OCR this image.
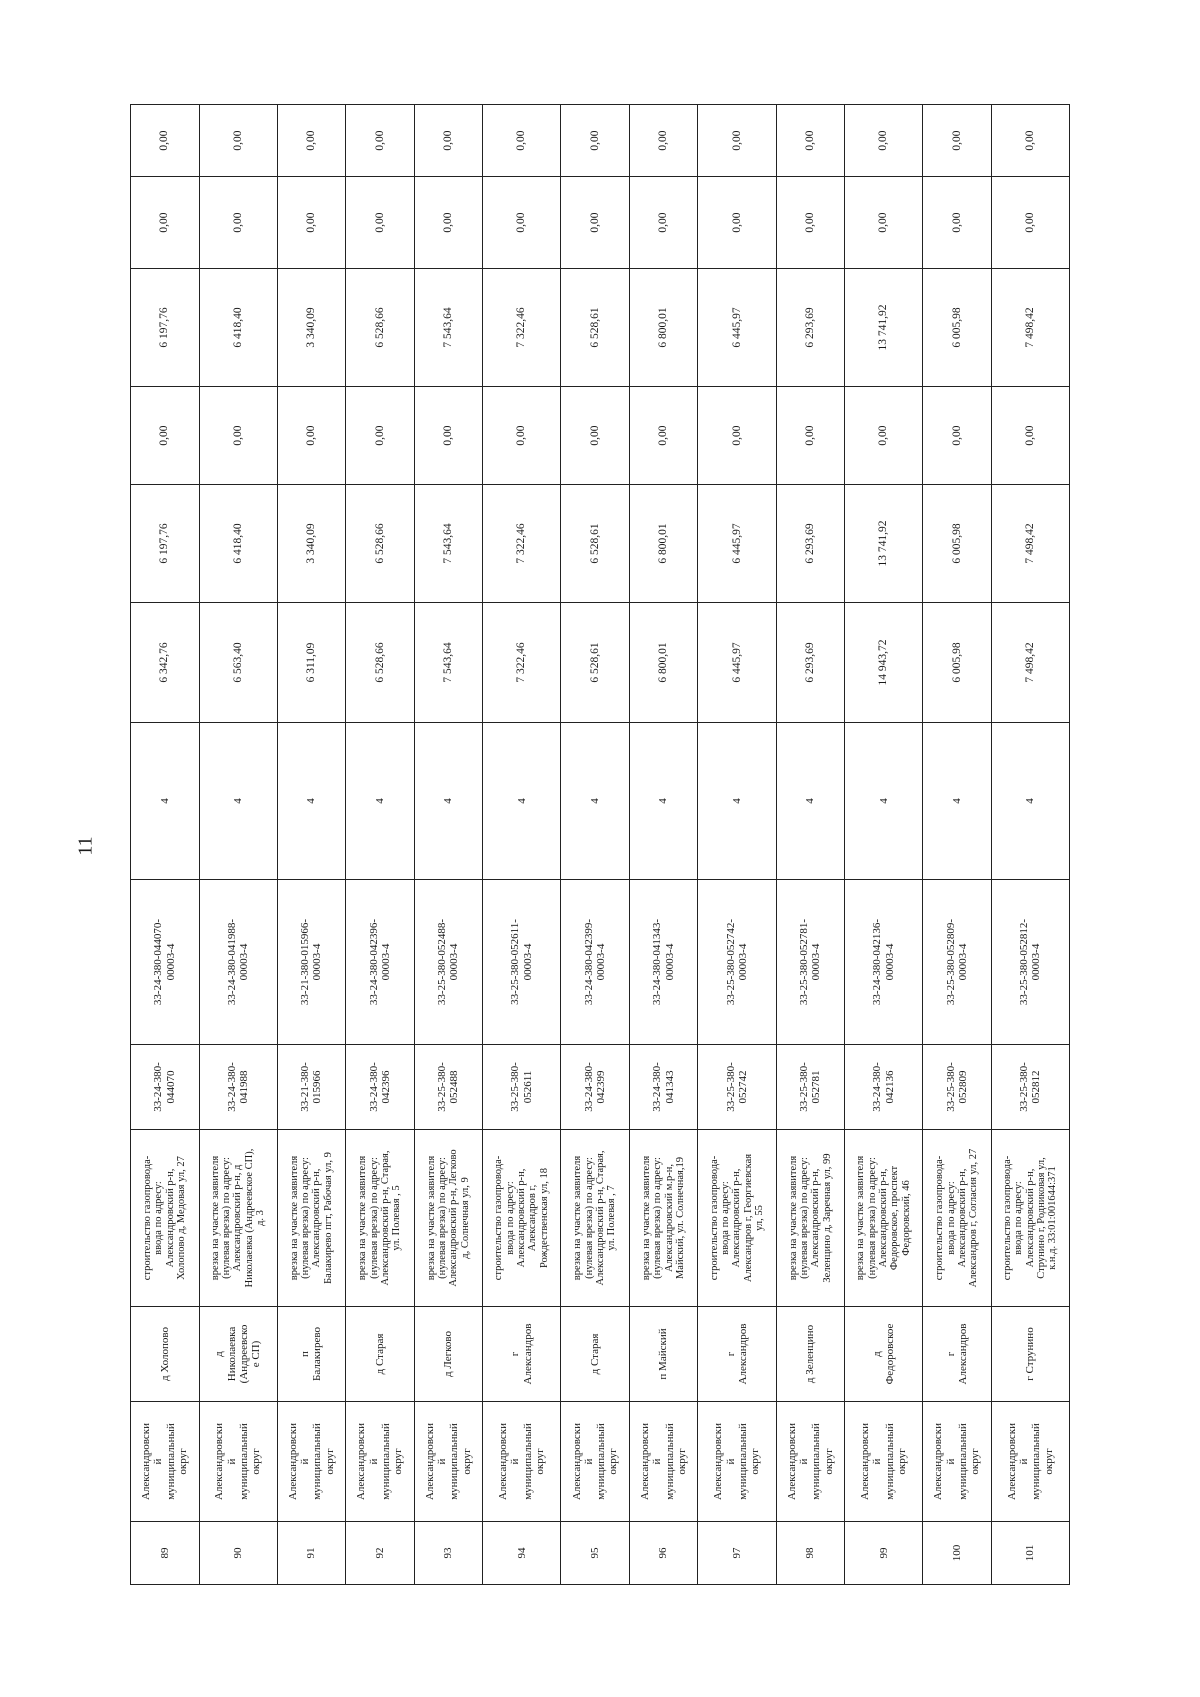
11
89	Александровски
й
муниципальный
округ	д Холопово	строительство газопровода-
ввода по адресу:
Александровский р-н,
Холопово д, Медовая ул, 27	33-24-380-
044070	33-24-380-044070-
00003-4	4	6 342,76	6 197,76	0,00	6 197,76	0,00	0,00
90	Александровски
й
муниципальный
округ	д
Николаевка
(Андреевско
е СП)	врезка на участке заявителя
(нулевая врезка) по адресу:
Александровский р-н, д
Николаевка (Андреевское СП),
д. 3	33-24-380-
041988	33-24-380-041988-
00003-4	4	6 563,40	6 418,40	0,00	6 418,40	0,00	0,00
91	Александровски
й
муниципальный
округ	п
Балакирево	врезка на участке заявителя
(нулевая врезка) по адресу:
Александровский р-н,
Балакирево пгт, Рабочая ул, 9	33-21-380-
015966	33-21-380-015966-
00003-4	4	6 311,09	3 340,09	0,00	3 340,09	0,00	0,00
92	Александровски
й
муниципальный
округ	д Старая	врезка на участке заявителя
(нулевая врезка) по адресу:
Александровский р-н, Старая,
ул. Полевая , 5	33-24-380-
042396	33-24-380-042396-
00003-4	4	6 528,66	6 528,66	0,00	6 528,66	0,00	0,00
93	Александровски
й
муниципальный
округ	д Легково	врезка на участке заявителя
(нулевая врезка) по адресу:
Александровский р-н, Легково
д, Солнечная ул, 9	33-25-380-
052488	33-25-380-052488-
00003-4	4	7 543,64	7 543,64	0,00	7 543,64	0,00	0,00
94	Александровски
й
муниципальный
округ	г
Александров	строительство газопровода-
ввода по адресу:
Александровский р-н,
Александров г,
Рождественская ул, 18	33-25-380-
052611	33-25-380-052611-
00003-4	4	7 322,46	7 322,46	0,00	7 322,46	0,00	0,00
95	Александровски
й
муниципальный
округ	д Старая	врезка на участке заявителя
(нулевая врезка) по адресу:
Александровский р-н, Старая,
ул. Полевая , 7	33-24-380-
042399	33-24-380-042399-
00003-4	4	6 528,61	6 528,61	0,00	6 528,61	0,00	0,00
96	Александровски
й
муниципальный
округ	п Майский	врезка на участке заявителя
(нулевая врезка) по адресу:
Александровский м.р-н,
Майский, ул. Солнечная,19	33-24-380-
041343	33-24-380-041343-
00003-4	4	6 800,01	6 800,01	0,00	6 800,01	0,00	0,00
97	Александровски
й
муниципальный
округ	г
Александров	строительство газопровода-
ввода по адресу:
Александровский р-н,
Александров г, Георгиевская
ул, 55	33-25-380-
052742	33-25-380-052742-
00003-4	4	6 445,97	6 445,97	0,00	6 445,97	0,00	0,00
98	Александровски
й
муниципальный
округ	д Зеленцино	врезка на участке заявителя
(нулевая врезка) по адресу:
Александровский р-н,
Зеленцино д, Заречная ул, 99	33-25-380-
052781	33-25-380-052781-
00003-4	4	6 293,69	6 293,69	0,00	6 293,69	0,00	0,00
99	Александровски
й
муниципальный
округ	д
Федоровское	врезка на участке заявителя
(нулевая врезка) по адресу:
Александровский р-н,
Федоровское, проспект
Федоровский, 46	33-24-380-
042136	33-24-380-042136-
00003-4	4	14 943,72	13 741,92	0,00	13 741,92	0,00	0,00
100	Александровски
й
муниципальный
округ	г
Александров	строительство газопровода-
ввода по адресу:
Александровский р-н,
Александров г, Согласия ул, 27	33-25-380-
052809	33-25-380-052809-
00003-4	4	6 005,98	6 005,98	0,00	6 005,98	0,00	0,00
101	Александровски
й
муниципальный
округ	г Струнино	строительство газопровода-
ввода по адресу:
Александровский р-н,
Струнино г, Родниковая ул,
к.н.д. 33:01:001644:371	33-25-380-
052812	33-25-380-052812-
00003-4	4	7 498,42	7 498,42	0,00	7 498,42	0,00	0,00
